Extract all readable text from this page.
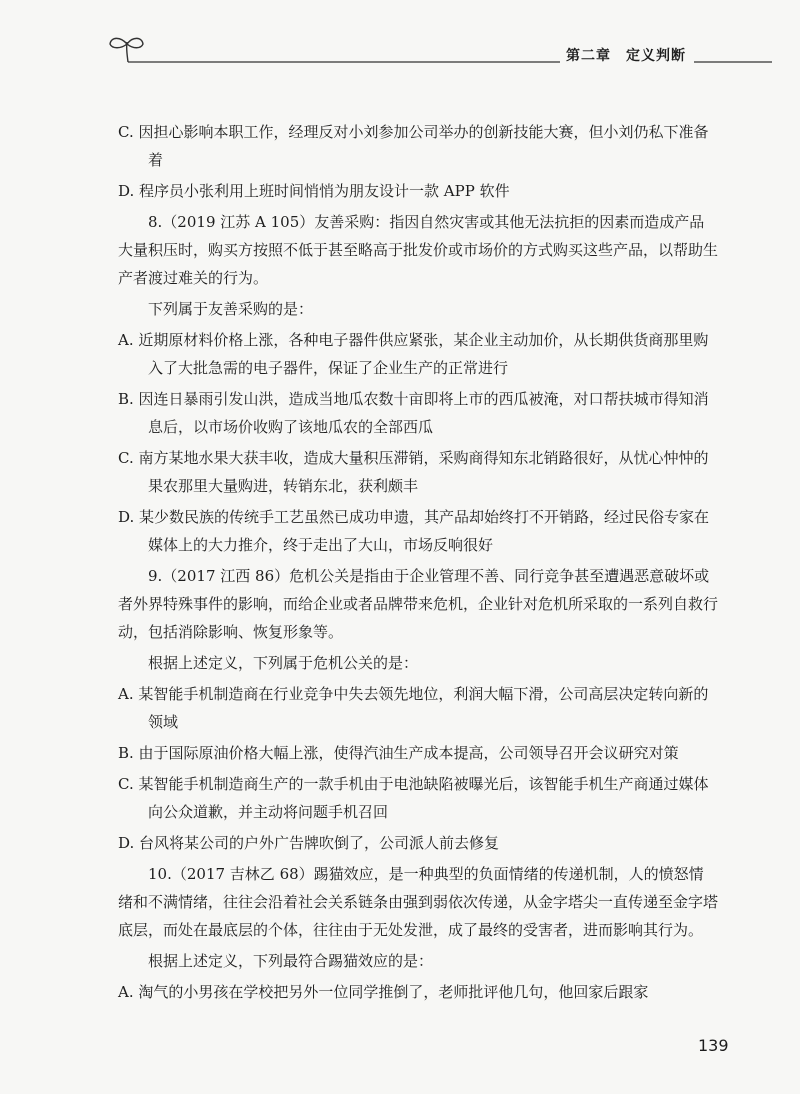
第二章　定义判断

C. 因担心影响本职工作，经理反对小刘参加公司举办的创新技能大赛，但小刘仍私下准备着

D. 程序员小张利用上班时间悄悄为朋友设计一款 APP 软件

8.（2019 江苏 A 105）友善采购：指因自然灾害或其他无法抗拒的因素而造成产品大量积压时，购买方按照不低于甚至略高于批发价或市场价的方式购买这些产品，以帮助生产者渡过难关的行为。

下列属于友善采购的是：

A. 近期原材料价格上涨，各种电子器件供应紧张，某企业主动加价，从长期供货商那里购入了大批急需的电子器件，保证了企业生产的正常进行

B. 因连日暴雨引发山洪，造成当地瓜农数十亩即将上市的西瓜被淹，对口帮扶城市得知消息后，以市场价收购了该地瓜农的全部西瓜

C. 南方某地水果大获丰收，造成大量积压滞销，采购商得知东北销路很好，从忧心忡忡的果农那里大量购进，转销东北，获利颇丰

D. 某少数民族的传统手工艺虽然已成功申遗，其产品却始终打不开销路，经过民俗专家在媒体上的大力推介，终于走出了大山，市场反响很好

9.（2017 江西 86）危机公关是指由于企业管理不善、同行竞争甚至遭遇恶意破坏或者外界特殊事件的影响，而给企业或者品牌带来危机，企业针对危机所采取的一系列自救行动，包括消除影响、恢复形象等。

根据上述定义，下列属于危机公关的是：

A. 某智能手机制造商在行业竞争中失去领先地位，利润大幅下滑，公司高层决定转向新的领域

B. 由于国际原油价格大幅上涨，使得汽油生产成本提高，公司领导召开会议研究对策

C. 某智能手机制造商生产的一款手机由于电池缺陷被曝光后，该智能手机生产商通过媒体向公众道歉，并主动将问题手机召回

D. 台风将某公司的户外广告牌吹倒了，公司派人前去修复

10.（2017 吉林乙 68）踢猫效应，是一种典型的负面情绪的传递机制，人的愤怒情绪和不满情绪，往往会沿着社会关系链条由强到弱依次传递，从金字塔尖一直传递至金字塔底层，而处在最底层的个体，往往由于无处发泄，成了最终的受害者，进而影响其行为。

根据上述定义，下列最符合踢猫效应的是：

A. 淘气的小男孩在学校把另外一位同学推倒了，老师批评他几句，他回家后跟家

139
